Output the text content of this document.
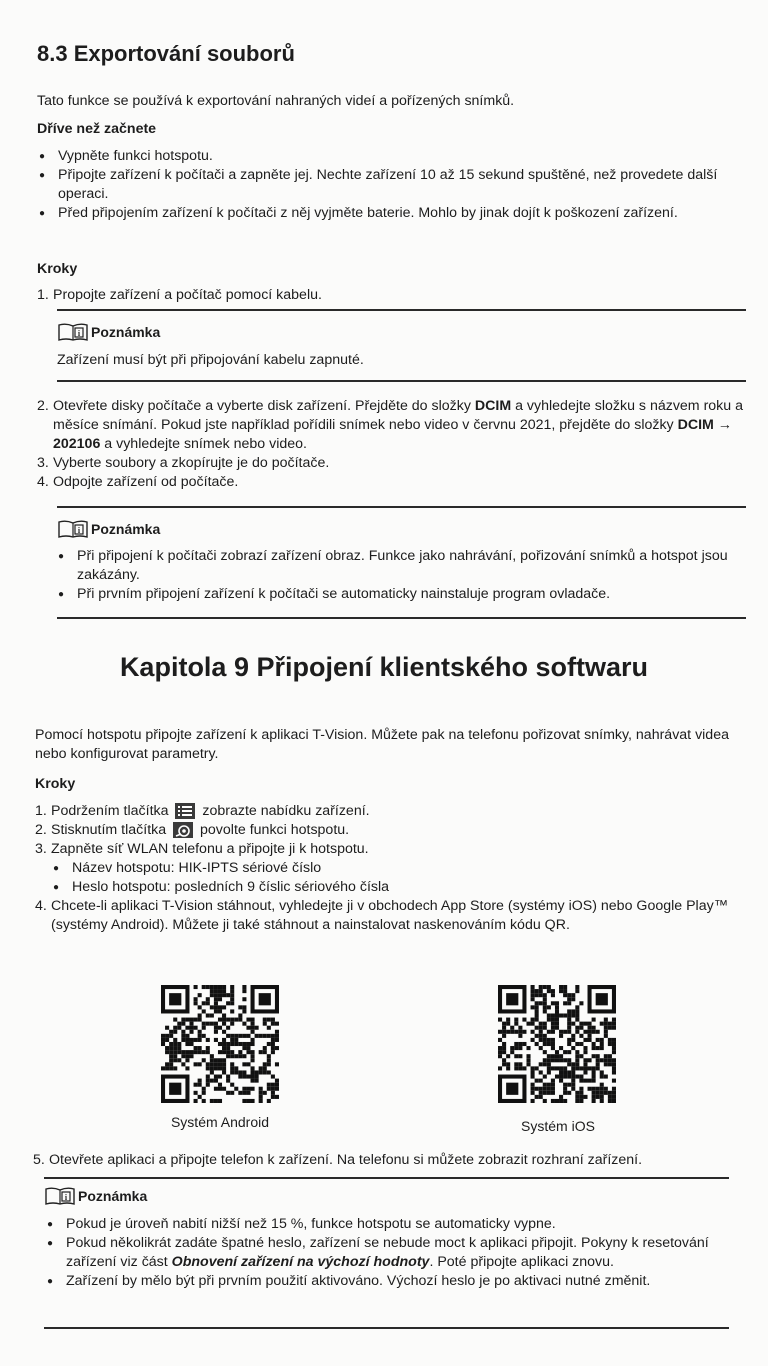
8.3 Exportování souborů
Tato funkce se používá k exportování nahraných videí a pořízených snímků.
Dříve než začnete
● Vypněte funkci hotspotu.
● Připojte zařízení k počítači a zapněte jej. Nechte zařízení 10 až 15 sekund spuštěné, než provedete další operaci.
● Před připojením zařízení k počítači z něj vyjměte baterie. Mohlo by jinak dojít k poškození zařízení.
Kroky
1. Propojte zařízení a počítač pomocí kabelu.
i Poznámka
Zařízení musí být při připojování kabelu zapnuté.
2. Otevřete disky počítače a vyberte disk zařízení. Přejděte do složky DCIM a vyhledejte složku s názvem roku a měsíce snímání. Pokud jste například pořídili snímek nebo video v červnu 2021, přejděte do složky DCIM → 202106 a vyhledejte snímek nebo video.
3. Vyberte soubory a zkopírujte je do počítače.
4. Odpojte zařízení od počítače.
i Poznámka
● Při připojení k počítači zobrazí zařízení obraz. Funkce jako nahrávání, pořizování snímků a hotspot jsou zakázány.
● Při prvním připojení zařízení k počítači se automaticky nainstaluje program ovladače.
Kapitola 9 Připojení klientského softwaru
Pomocí hotspotu připojte zařízení k aplikaci T-Vision. Můžete pak na telefonu pořizovat snímky, nahrávat videa nebo konfigurovat parametry.
Kroky
1. Podržením tlačítka zobrazte nabídku zařízení.
2. Stisknutím tlačítka povolte funkci hotspotu.
3. Zapněte síť WLAN telefonu a připojte ji k hotspotu.
● Název hotspotu: HIK-IPTS sériové číslo
● Heslo hotspotu: posledních 9 číslic sériového čísla
4. Chcete-li aplikaci T-Vision stáhnout, vyhledejte ji v obchodech App Store (systémy iOS) nebo Google Play™ (systémy Android). Můžete ji také stáhnout a nainstalovat naskenováním kódu QR.
Systém Android	Systém iOS
5. Otevřete aplikaci a připojte telefon k zařízení. Na telefonu si můžete zobrazit rozhraní zařízení.
i Poznámka
● Pokud je úroveň nabití nižší než 15 %, funkce hotspotu se automaticky vypne.
● Pokud několikrát zadáte špatné heslo, zařízení se nebude moct k aplikaci připojit. Pokyny k resetování zařízení viz část Obnovení zařízení na výchozí hodnoty. Poté připojte aplikaci znovu.
● Zařízení by mělo být při prvním použití aktivováno. Výchozí heslo je po aktivaci nutné změnit.
